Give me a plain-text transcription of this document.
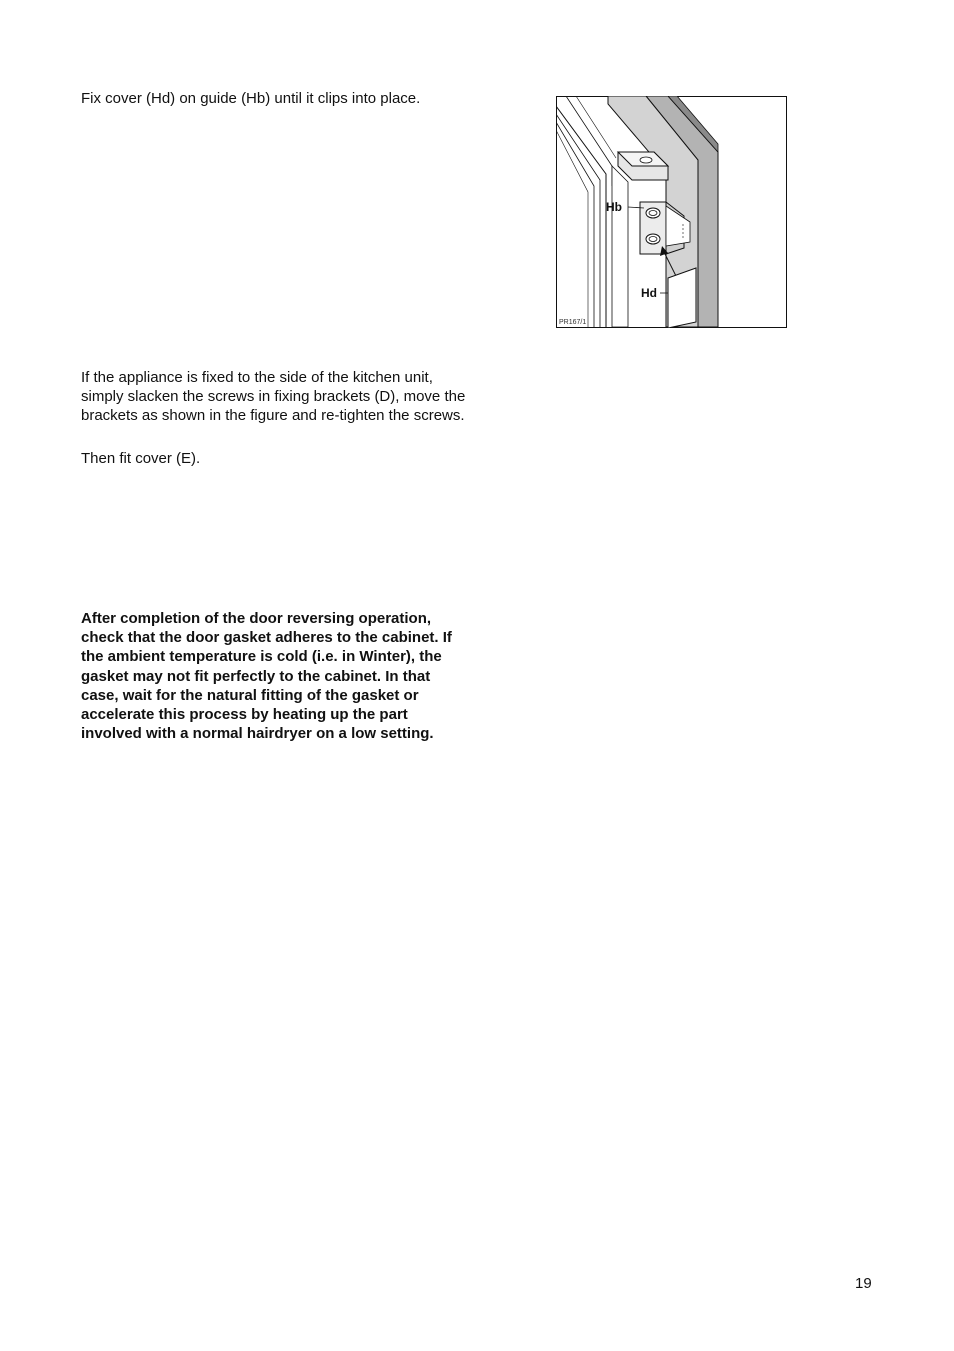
Fix cover (Hd) on guide (Hb) until it clips into place.

Hb
Hd
PR167/1

If the appliance is fixed to the side of the kitchen unit, simply slacken the screws in fixing brackets (D), move the brackets as shown in the figure and re-tighten the screws.

Then fit cover (E).

After completion of the door reversing operation, check that the door gasket adheres to the cabinet. If the ambient temperature is cold (i.e. in Winter), the gasket may not fit perfectly to the cabinet. In that case, wait for the natural fitting of the gasket or accelerate this process by heating up the part involved with a normal hairdryer on a low setting.

19
